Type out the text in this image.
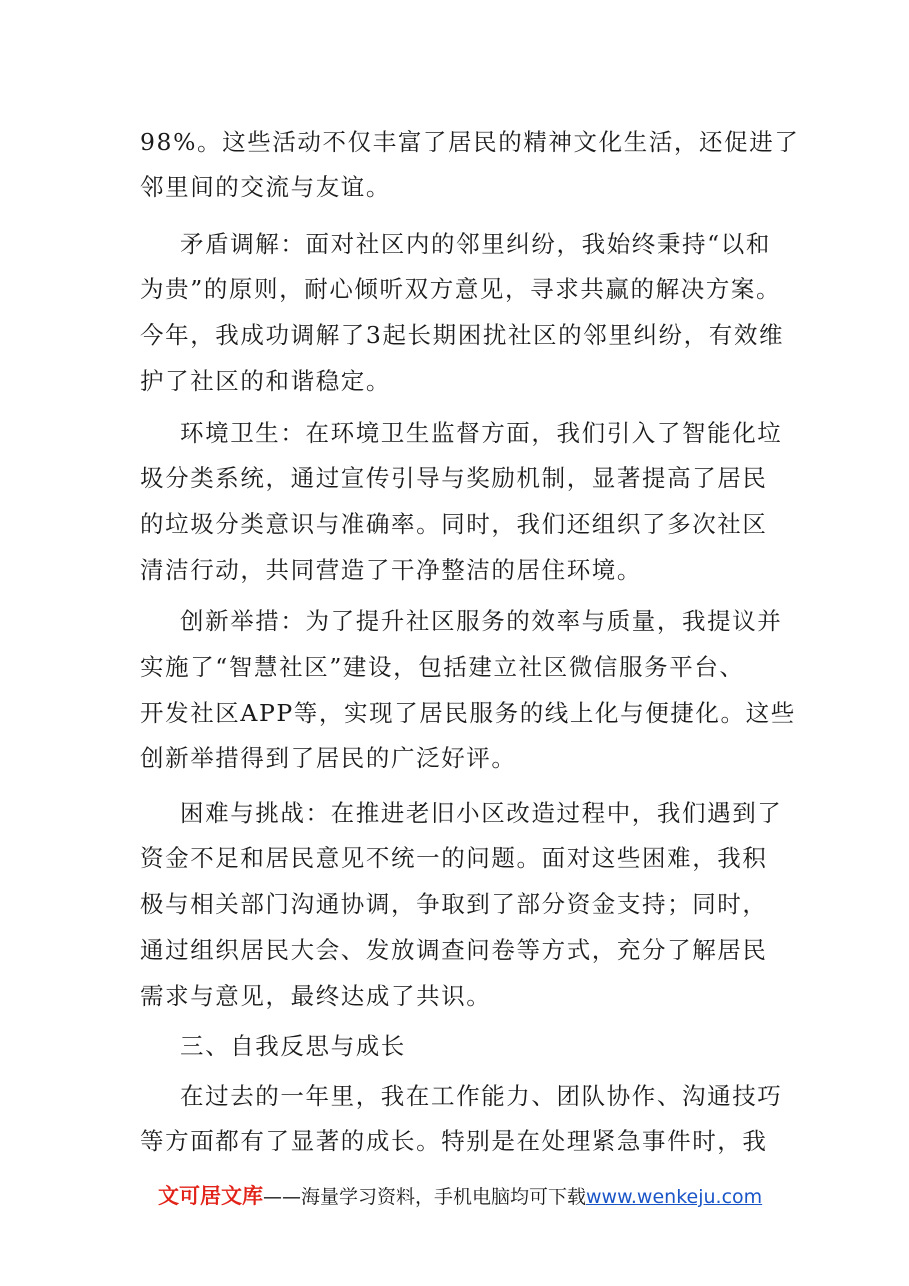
98%。这些活动不仅丰富了居民的精神文化生活，还促进了
邻里间的交流与友谊。
矛盾调解：面对社区内的邻里纠纷，我始终秉持“以和
为贵”的原则，耐心倾听双方意见，寻求共赢的解决方案。
今年，我成功调解了3起长期困扰社区的邻里纠纷，有效维
护了社区的和谐稳定。
环境卫生：在环境卫生监督方面，我们引入了智能化垃
圾分类系统，通过宣传引导与奖励机制，显著提高了居民
的垃圾分类意识与准确率。同时，我们还组织了多次社区
清洁行动，共同营造了干净整洁的居住环境。
创新举措：为了提升社区服务的效率与质量，我提议并
实施了“智慧社区”建设，包括建立社区微信服务平台、
开发社区APP等，实现了居民服务的线上化与便捷化。这些
创新举措得到了居民的广泛好评。
困难与挑战：在推进老旧小区改造过程中，我们遇到了
资金不足和居民意见不统一的问题。面对这些困难，我积
极与相关部门沟通协调，争取到了部分资金支持；同时，
通过组织居民大会、发放调查问卷等方式，充分了解居民
需求与意见，最终达成了共识。
三、自我反思与成长
在过去的一年里，我在工作能力、团队协作、沟通技巧
等方面都有了显著的成长。特别是在处理紧急事件时，我
文可居文库——海量学习资料，手机电脑均可下载www.wenkeju.com
